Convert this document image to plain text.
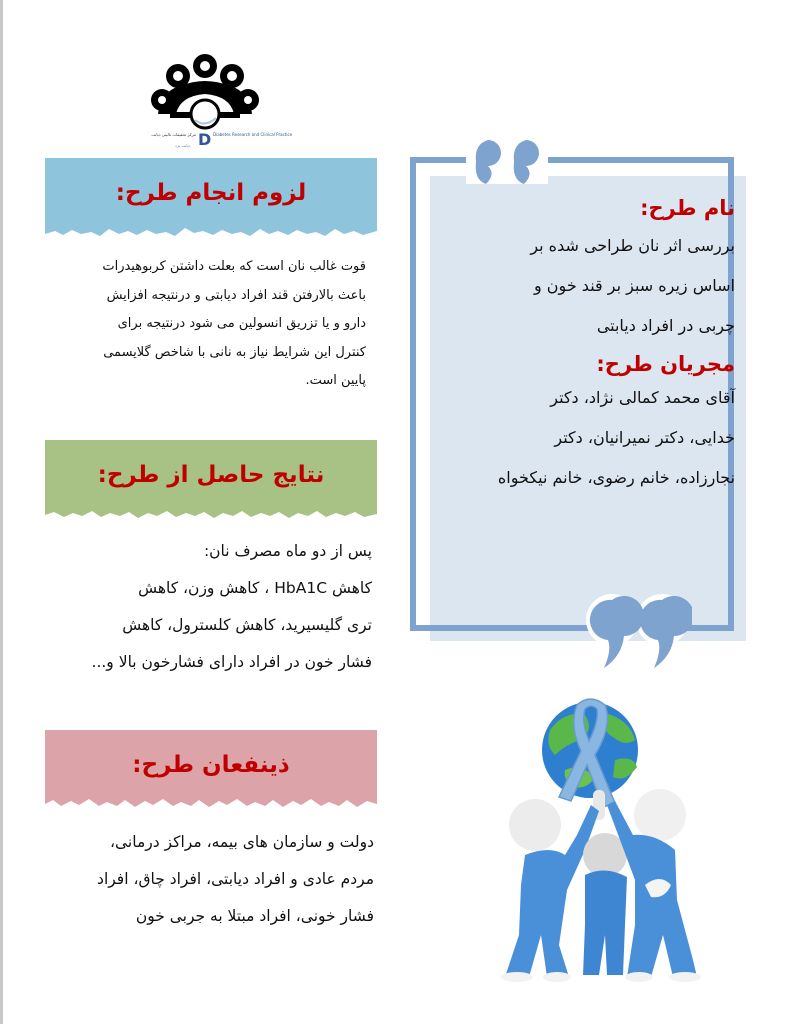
مرکز تحقیقات بالینی دیابت D Diabetes Research and Clinical Practice
دیابت یزد
لزوم انجام طرح:
قوت غالب نان است که بعلت داشتن کربوهیدرات
باعث بالارفتن قند افراد دیابتی و درنتیجه افزایش
دارو و یا تزریق انسولین می شود درنتیجه برای
کنترل این شرایط نیاز به نانی با شاخص گلایسمی
پایین است.
نتایج حاصل از طرح:
پس از دو ماه مصرف نان:
کاهش HbA1C ، کاهش وزن، کاهش
تری گلیسیرید، کاهش کلسترول، کاهش
فشار خون در افراد دارای فشارخون بالا و...
ذینفعان طرح:
دولت و سازمان های بیمه، مراکز درمانی،
مردم عادی و افراد دیابتی، افراد چاق، افراد
فشار خونی، افراد مبتلا به جربی خون
نام طرح:
بررسی اثر نان طراحی شده بر
اساس زیره سبز بر قند خون و
چربی در افراد دیابتی
مجریان طرح:
آقای محمد کمالی نژاد، دکتر
خدایی، دکتر نمیرانیان، دکتر
نجارزاده، خانم رضوی، خانم نیکخواه
